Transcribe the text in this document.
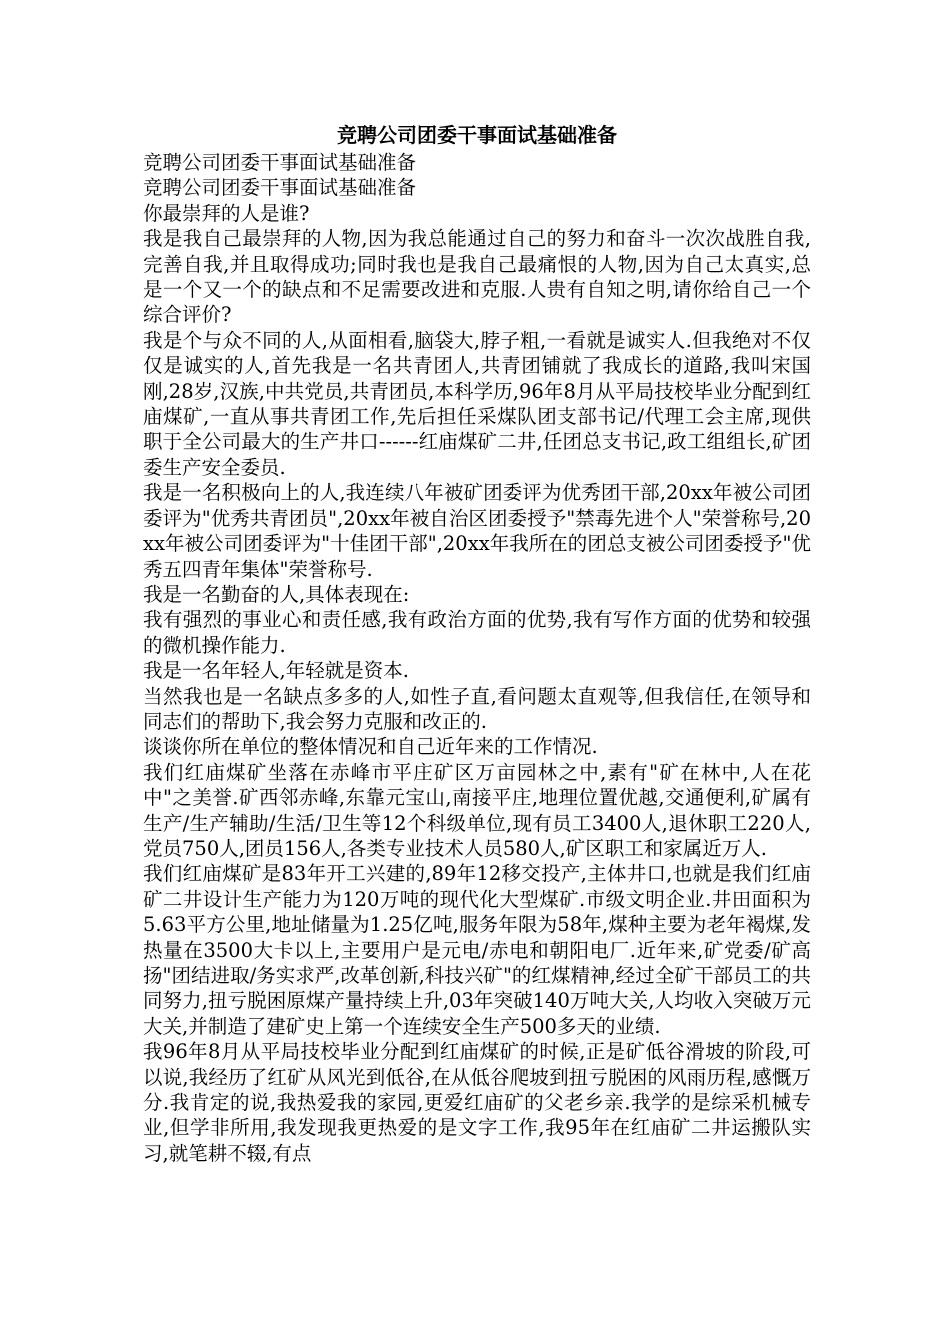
竞聘公司团委干事面试基础准备

竞聘公司团委干事面试基础准备

竞聘公司团委干事面试基础准备

你最崇拜的人是谁?

我是我自己最崇拜的人物,因为我总能通过自己的努力和奋斗一次次战胜自我,完善自我,并且取得成功;同时我也是我自己最痛恨的人物,因为自己太真实,总是一个又一个的缺点和不足需要改进和克服.人贵有自知之明,请你给自己一个综合评价?

我是个与众不同的人,从面相看,脑袋大,脖子粗,一看就是诚实人.但我绝对不仅仅是诚实的人,首先我是一名共青团人,共青团铺就了我成长的道路,我叫宋国刚,28岁,汉族,中共党员,共青团员,本科学历,96年8月从平局技校毕业分配到红庙煤矿,一直从事共青团工作,先后担任采煤队团支部书记/代理工会主席,现供职于全公司最大的生产井口------红庙煤矿二井,任团总支书记,政工组组长,矿团委生产安全委员.

我是一名积极向上的人,我连续八年被矿团委评为优秀团干部,20xx年被公司团委评为"优秀共青团员",20xx年被自治区团委授予"禁毒先进个人"荣誉称号,20xx年被公司团委评为"十佳团干部",20xx年我所在的团总支被公司团委授予"优秀五四青年集体"荣誉称号.

我是一名勤奋的人,具体表现在:

我有强烈的事业心和责任感,我有政治方面的优势,我有写作方面的优势和较强的微机操作能力.

我是一名年轻人,年轻就是资本.

当然我也是一名缺点多多的人,如性子直,看问题太直观等,但我信任,在领导和同志们的帮助下,我会努力克服和改正的.

谈谈你所在单位的整体情况和自己近年来的工作情况.

我们红庙煤矿坐落在赤峰市平庄矿区万亩园林之中,素有"矿在林中,人在花中"之美誉.矿西邻赤峰,东靠元宝山,南接平庄,地理位置优越,交通便利,矿属有生产/生产辅助/生活/卫生等12个科级单位,现有员工3400人,退休职工220人,党员750人,团员156人,各类专业技术人员580人,矿区职工和家属近万人.

我们红庙煤矿是83年开工兴建的,89年12移交投产,主体井口,也就是我们红庙矿二井设计生产能力为120万吨的现代化大型煤矿.市级文明企业.井田面积为5.63平方公里,地址储量为1.25亿吨,服务年限为58年,煤种主要为老年褐煤,发热量在3500大卡以上,主要用户是元电/赤电和朝阳电厂.近年来,矿党委/矿高扬"团结进取/务实求严,改革创新,科技兴矿"的红煤精神,经过全矿干部员工的共同努力,扭亏脱困原煤产量持续上升,03年突破140万吨大关,人均收入突破万元大关,并制造了建矿史上第一个连续安全生产500多天的业绩.

我96年8月从平局技校毕业分配到红庙煤矿的时候,正是矿低谷滑坡的阶段,可以说,我经历了红矿从风光到低谷,在从低谷爬坡到扭亏脱困的风雨历程,感慨万分.我肯定的说,我热爱我的家园,更爱红庙矿的父老乡亲.我学的是综采机械专业,但学非所用,我发现我更热爱的是文字工作,我95年在红庙矿二井运搬队实习,就笔耕不辍,有点
